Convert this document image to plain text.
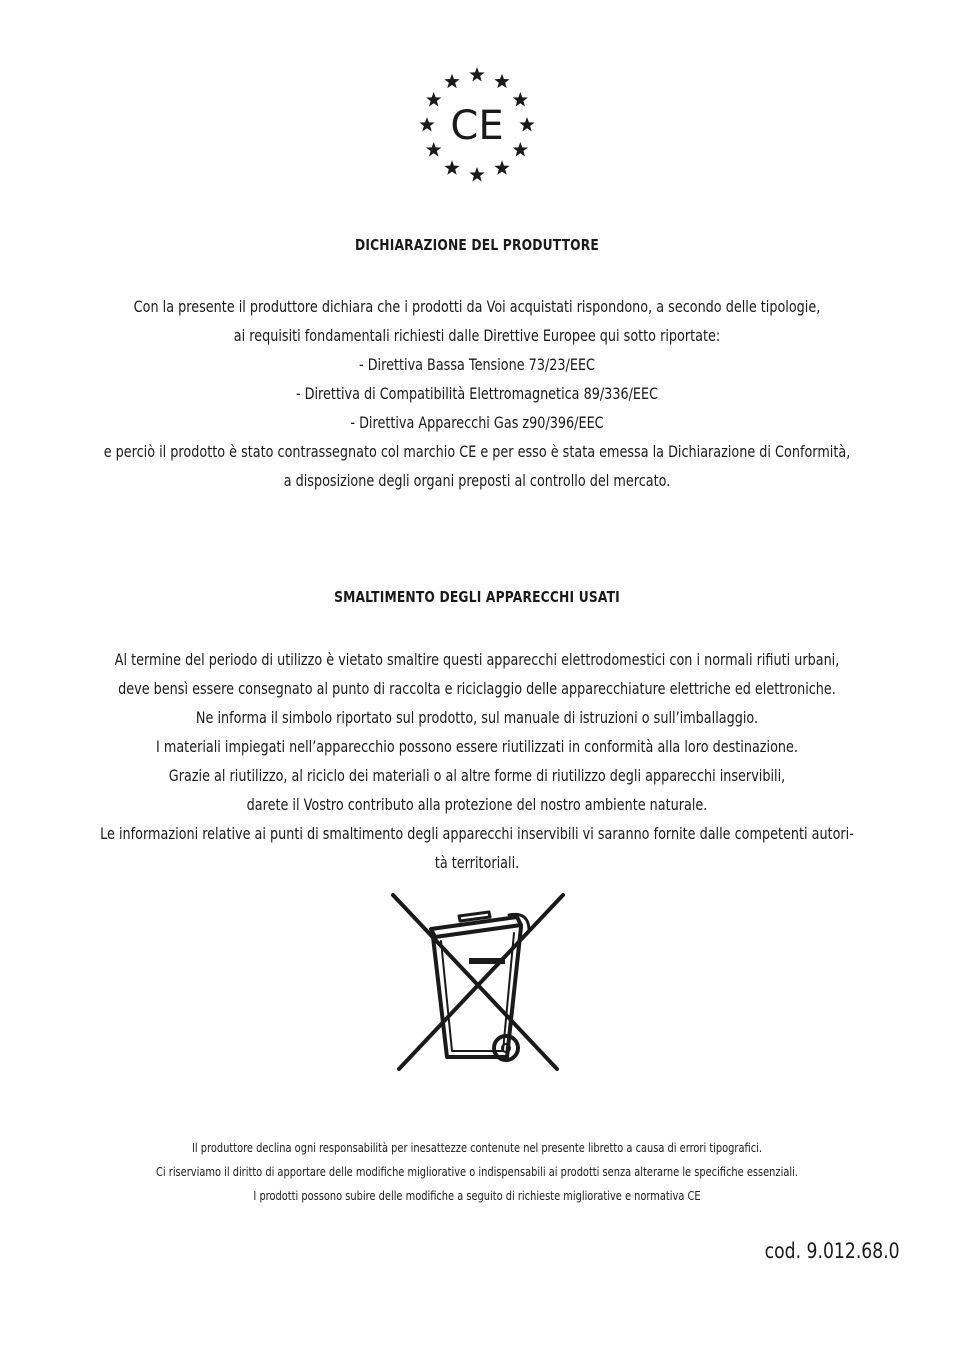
CE
DICHIARAZIONE DEL PRODUTTORE
Con la presente il produttore dichiara che i prodotti da Voi acquistati rispondono, a secondo delle tipologie,
ai requisiti fondamentali richiesti dalle Direttive Europee qui sotto riportate:
- Direttiva Bassa Tensione 73/23/EEC
- Direttiva di Compatibilità Elettromagnetica 89/336/EEC
- Direttiva Apparecchi Gas z90/396/EEC
e perciò il prodotto è stato contrassegnato col marchio CE e per esso è stata emessa la Dichiarazione di Conformità,
a disposizione degli organi preposti al controllo del mercato.
SMALTIMENTO DEGLI APPARECCHI USATI
Al termine del periodo di utilizzo è vietato smaltire questi apparecchi elettrodomestici con i normali rifiuti urbani,
deve bensì essere consegnato al punto di raccolta e riciclaggio delle apparecchiature elettriche ed elettroniche.
Ne informa il simbolo riportato sul prodotto, sul manuale di istruzioni o sull’imballaggio.
I materiali impiegati nell’apparecchio possono essere riutilizzati in conformità alla loro destinazione.
Grazie al riutilizzo, al riciclo dei materiali o al altre forme di riutilizzo degli apparecchi inservibili,
darete il Vostro contributo alla protezione del nostro ambiente naturale.
Le informazioni relative ai punti di smaltimento degli apparecchi inservibili vi saranno fornite dalle competenti autori-
tà territoriali.
Il produttore declina ogni responsabilità per inesattezze contenute nel presente libretto a causa di errori tipografici.
Ci riserviamo il diritto di apportare delle modifiche migliorative o indispensabili ai prodotti senza alterarne le specifiche essenziali.
I prodotti possono subire delle modifiche a seguito di richieste migliorative e normativa CE
cod. 9.012.68.0
